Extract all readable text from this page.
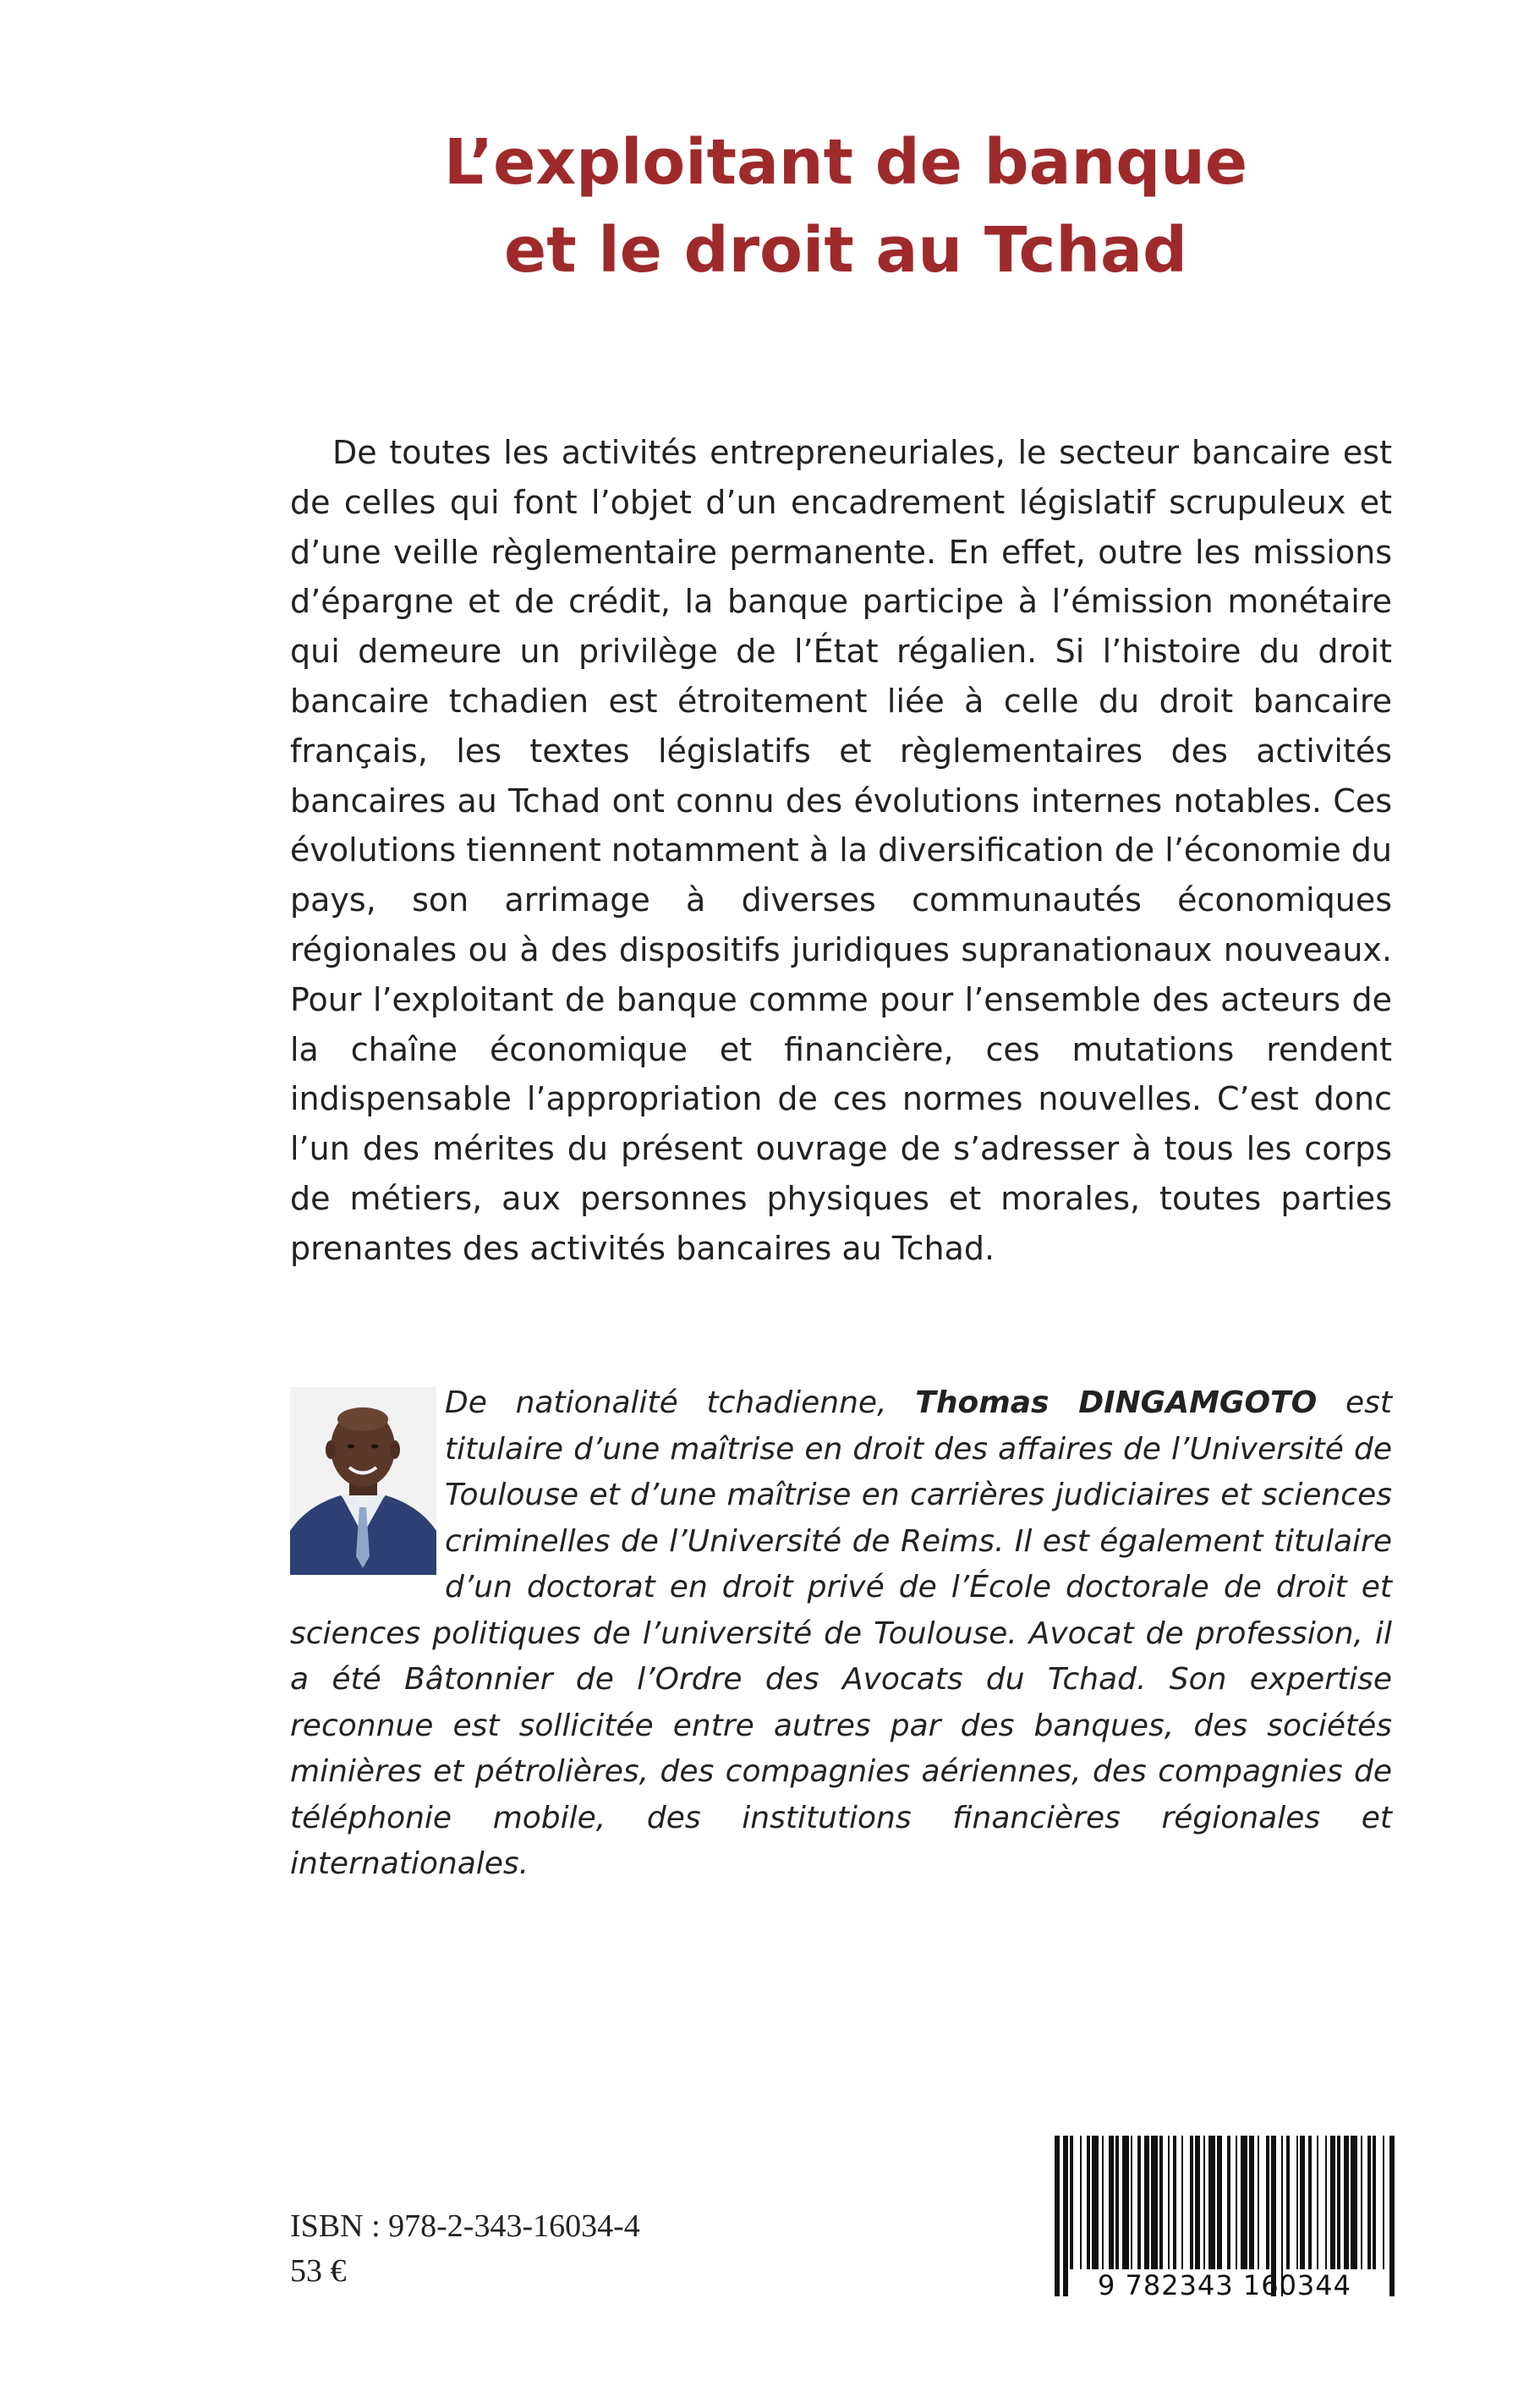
L’exploitant de banque
et le droit au Tchad

De toutes les activités entrepreneuriales, le secteur bancaire est de celles qui font l’objet d’un encadrement législatif scrupuleux et d’une veille règlementaire permanente. En effet, outre les missions d’épargne et de crédit, la banque participe à l’émission monétaire qui demeure un privilège de l’État régalien. Si l’histoire du droit bancaire tchadien est étroitement liée à celle du droit bancaire français, les textes législatifs et règlementaires des activités bancaires au Tchad ont connu des évolutions internes notables. Ces évolutions tiennent notamment à la diversification de l’économie du pays, son arrimage à diverses communautés économiques régionales ou à des dispositifs juridiques supranationaux nouveaux. Pour l’exploitant de banque comme pour l’ensemble des acteurs de la chaîne économique et financière, ces mutations rendent indispensable l’appropriation de ces normes nouvelles. C’est donc l’un des mérites du présent ouvrage de s’adresser à tous les corps de métiers, aux personnes physiques et morales, toutes parties prenantes des activités bancaires au Tchad.

De nationalité tchadienne, Thomas DINGAMGOTO est titulaire d’une maîtrise en droit des affaires de l’Université de Toulouse et d’une maîtrise en carrières judiciaires et sciences criminelles de l’Université de Reims. Il est également titulaire d’un doctorat en droit privé de l’École doctorale de droit et sciences politiques de l’université de Toulouse. Avocat de profession, il a été Bâtonnier de l’Ordre des Avocats du Tchad. Son expertise reconnue est sollicitée entre autres par des banques, des sociétés minières et pétrolières, des compagnies aériennes, des compagnies de téléphonie mobile, des institutions financières régionales et internationales.

ISBN : 978-2-343-16034-4

53 €	9 782343 160344
